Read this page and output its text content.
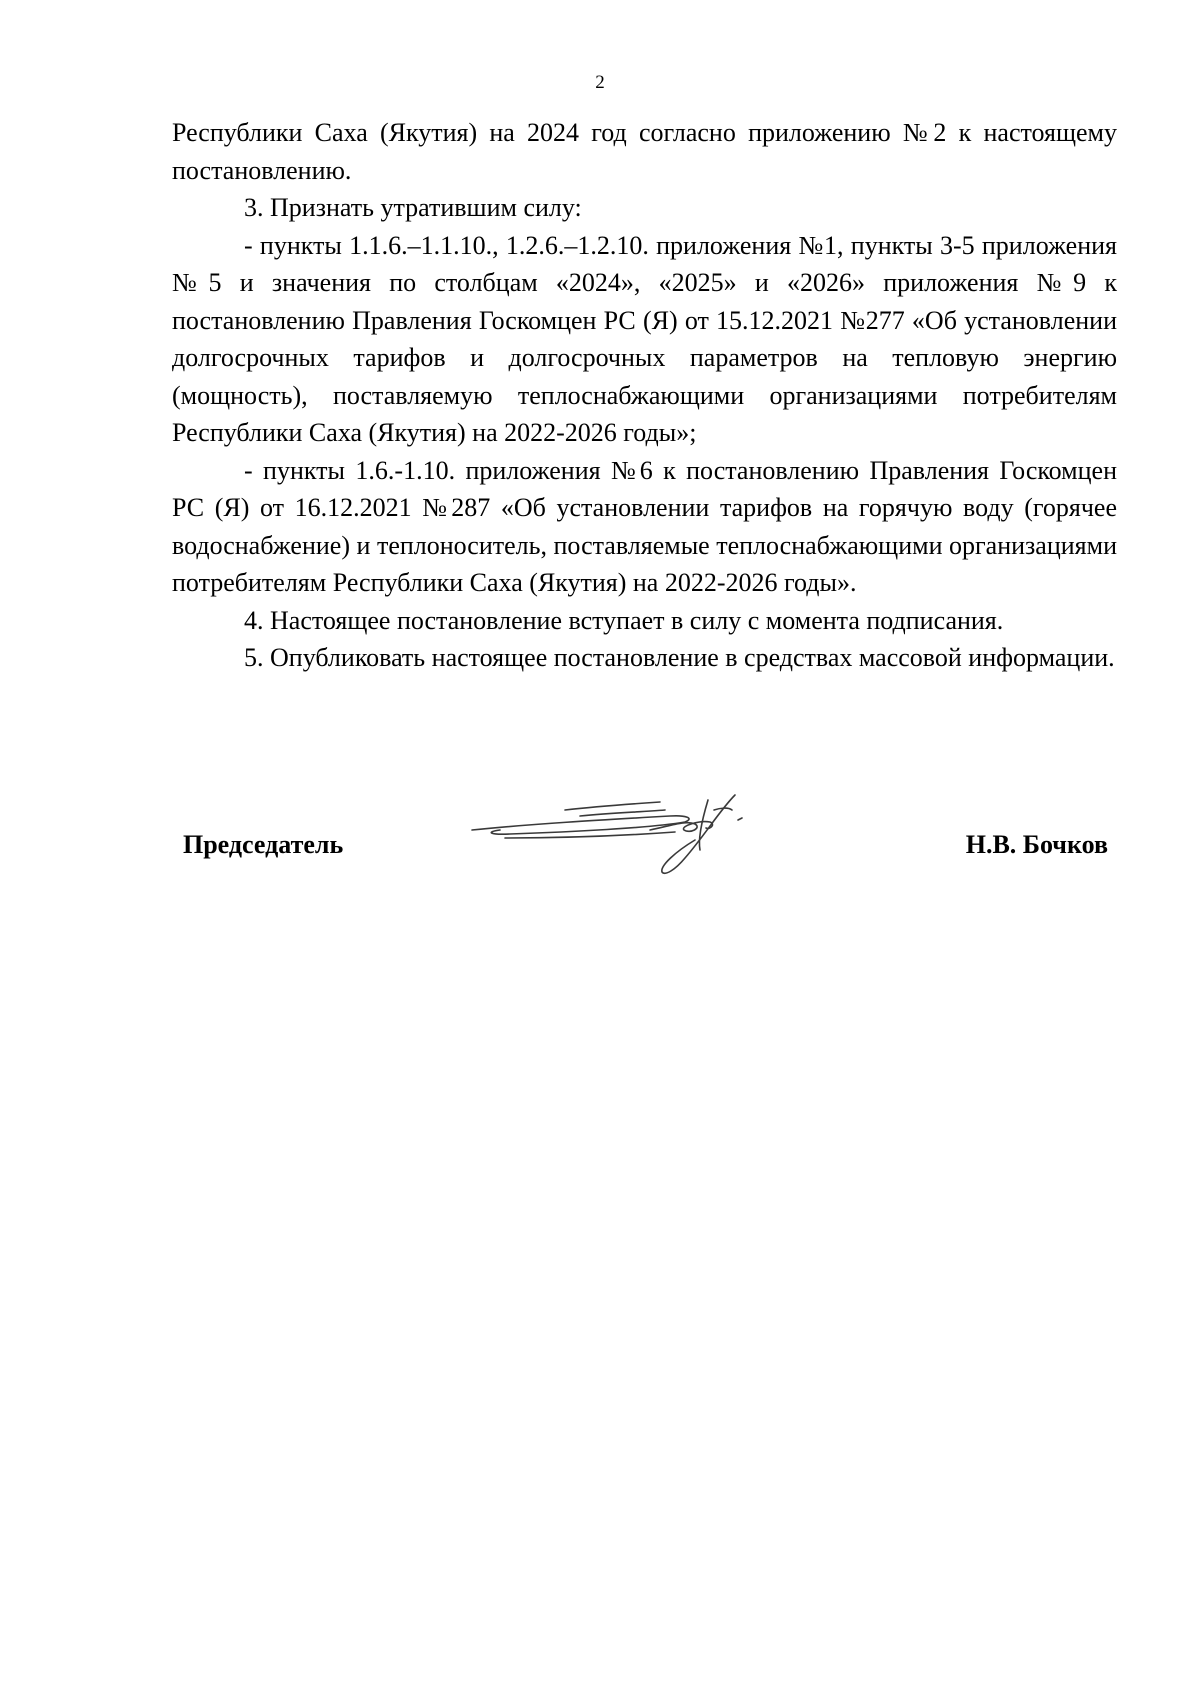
2

Республики Саха (Якутия) на 2024 год согласно приложению №2 к настоящему постановлению.

3. Признать утратившим силу:

- пункты 1.1.6.–1.1.10., 1.2.6.–1.2.10. приложения №1, пункты 3-5 приложения №5 и значения по столбцам «2024», «2025» и «2026» приложения №9 к постановлению Правления Госкомцен РС (Я) от 15.12.2021 №277 «Об установлении долгосрочных тарифов и долгосрочных параметров на тепловую энергию (мощность), поставляемую теплоснабжающими организациями потребителям Республики Саха (Якутия) на 2022-2026 годы»;

- пункты 1.6.-1.10. приложения №6 к постановлению Правления Госкомцен РС (Я) от 16.12.2021 №287 «Об установлении тарифов на горячую воду (горячее водоснабжение) и теплоноситель, поставляемые теплоснабжающими организациями потребителям Республики Саха (Якутия) на 2022-2026 годы».

4. Настоящее постановление вступает в силу с момента подписания.

5. Опубликовать настоящее постановление в средствах массовой информации.

Председатель	Н.В. Бочков
